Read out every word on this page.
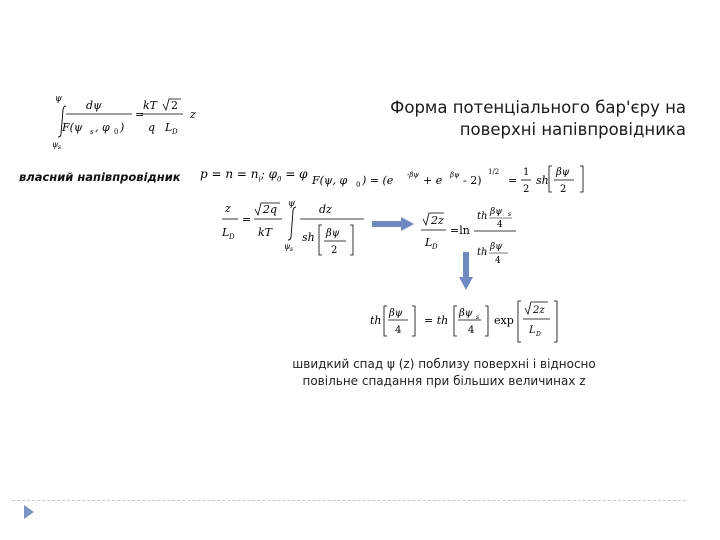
Форма потенціального бар'єру на
поверхні напівпровідника
ψ
ψ s
dψ
F(ψ s , φ 0 )
=
kT 2
q L D
z
власний напівпровідник $p = n = n_i$; $\varphi_0 = \varphi$ F(ψ, φ 0 ) = (e -βψ + e βψ - 2)
1/2
=
1
2
sh
βψ
2
z
L D
=
2q
kT
ψ
ψ s
dz
sh βψ
2
2z
L D
=ln
th βψ s
4
th βψ
4
th
βψ
4
= th
βψ s
4
exp
2z
L D
швидкий спад ψ (z) поблизу поверхні і відносно повільне спадання при більших величинах z
